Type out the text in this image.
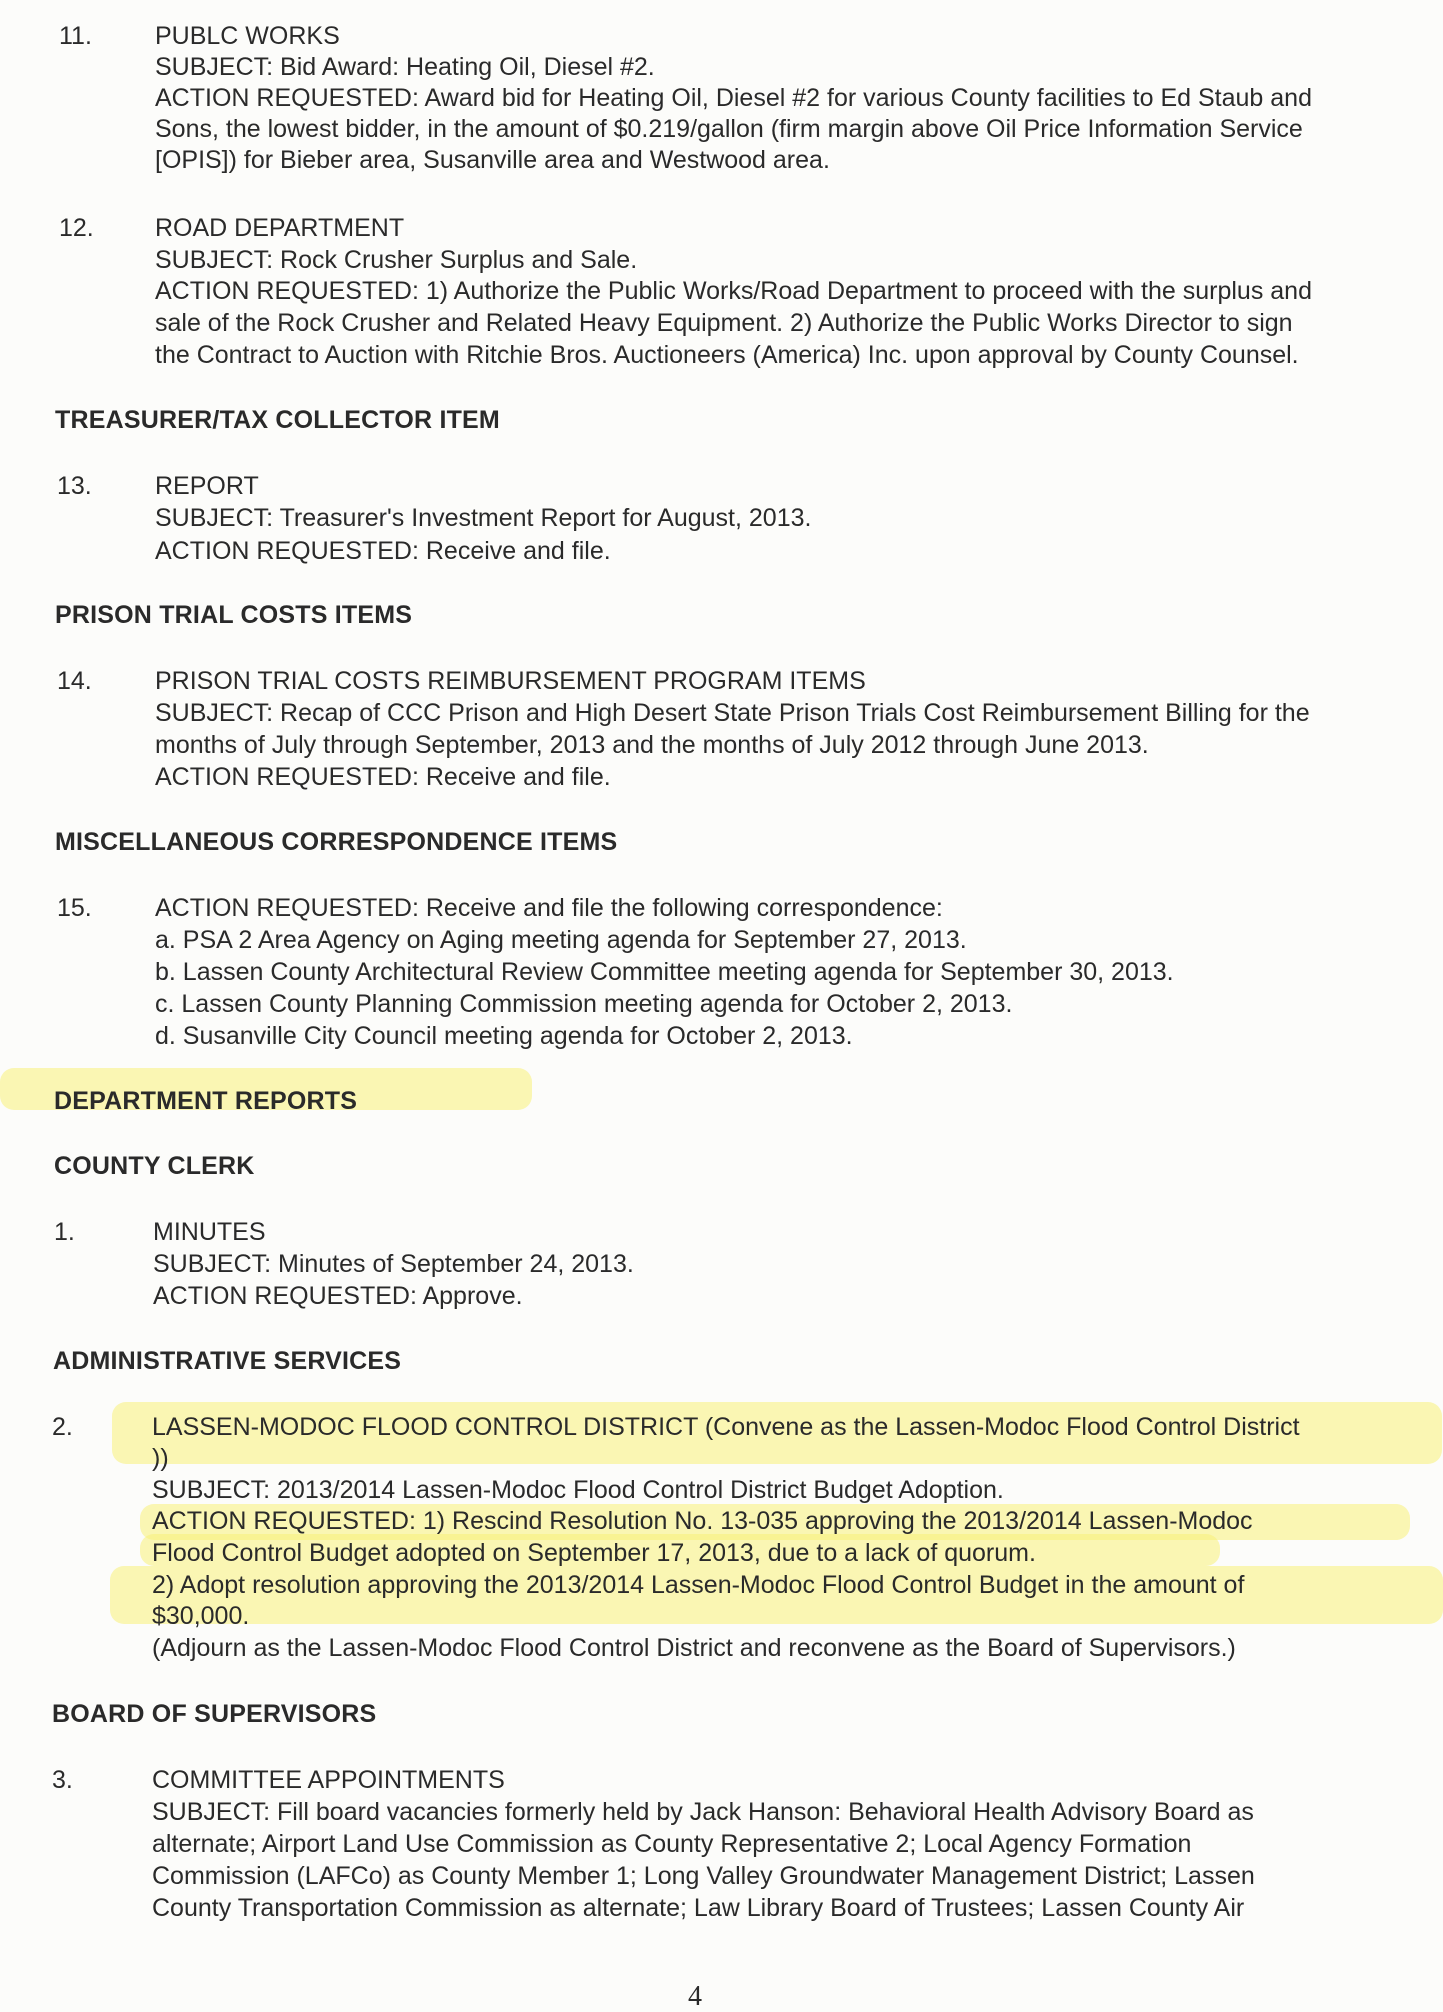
11.	PUBLC WORKS
SUBJECT: Bid Award: Heating Oil, Diesel #2.
ACTION REQUESTED: Award bid for Heating Oil, Diesel #2 for various County facilities to Ed Staub and
Sons, the lowest bidder, in the amount of $0.219/gallon (firm margin above Oil Price Information Service
[OPIS]) for Bieber area, Susanville area and Westwood area.
12. ROAD DEPARTMENT
SUBJECT: Rock Crusher Surplus and Sale.
ACTION REQUESTED: 1) Authorize the Public Works/Road Department to proceed with the surplus and
sale of the Rock Crusher and Related Heavy Equipment. 2) Authorize the Public Works Director to sign
the Contract to Auction with Ritchie Bros. Auctioneers (America) Inc. upon approval by County Counsel.
TREASURER/TAX COLLECTOR ITEM
13.	REPORT
SUBJECT: Treasurer's Investment Report for August, 2013.
ACTION REQUESTED: Receive and file.
PRISON TRIAL COSTS ITEMS
14.	PRISON TRIAL COSTS REIMBURSEMENT PROGRAM ITEMS
SUBJECT: Recap of CCC Prison and High Desert State Prison Trials Cost Reimbursement Billing for the
months of July through September, 2013 and the months of July 2012 through June 2013.
ACTION REQUESTED: Receive and file.
MISCELLANEOUS CORRESPONDENCE ITEMS
15.	ACTION REQUESTED: Receive and file the following correspondence:
a. PSA 2 Area Agency on Aging meeting agenda for September 27, 2013.
b. Lassen County Architectural Review Committee meeting agenda for September 30, 2013.
c. Lassen County Planning Commission meeting agenda for October 2, 2013.
d. Susanville City Council meeting agenda for October 2, 2013.
DEPARTMENT REPORTS
COUNTY CLERK
1.	MINUTES
SUBJECT: Minutes of September 24, 2013.
ACTION REQUESTED: Approve.
ADMINISTRATIVE SERVICES
2.	LASSEN-MODOC FLOOD CONTROL DISTRICT (Convene as the Lassen-Modoc Flood Control District
))
SUBJECT: 2013/2014 Lassen-Modoc Flood Control District Budget Adoption.
ACTION REQUESTED: 1) Rescind Resolution No. 13-035 approving the 2013/2014 Lassen-Modoc
Flood Control Budget adopted on September 17, 2013, due to a lack of quorum.
2) Adopt resolution approving the 2013/2014 Lassen-Modoc Flood Control Budget in the amount of
$30,000.
(Adjourn as the Lassen-Modoc Flood Control District and reconvene as the Board of Supervisors.)
BOARD OF SUPERVISORS
3.	COMMITTEE APPOINTMENTS
SUBJECT: Fill board vacancies formerly held by Jack Hanson: Behavioral Health Advisory Board as
alternate; Airport Land Use Commission as County Representative 2; Local Agency Formation
Commission (LAFCo) as County Member 1; Long Valley Groundwater Management District; Lassen
County Transportation Commission as alternate; Law Library Board of Trustees; Lassen County Air
4
